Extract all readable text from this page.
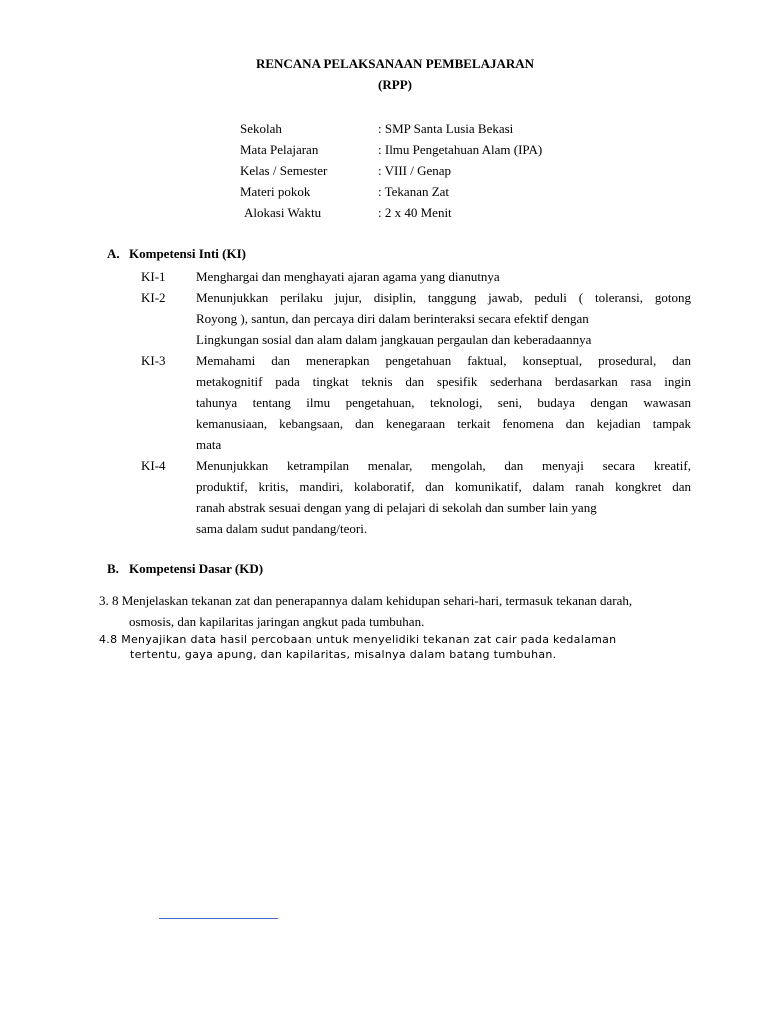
RENCANA PELAKSANAAN PEMBELAJARAN
(RPP)
Sekolah	: SMP Santa Lusia Bekasi
Mata Pelajaran	: Ilmu Pengetahuan Alam (IPA)
Kelas / Semester	: VIII / Genap
Materi pokok	: Tekanan Zat
Alokasi Waktu	: 2 x 40 Menit
A. Kompetensi Inti (KI)
KI-1 Menghargai dan menghayati ajaran agama yang dianutnya
KI-2 Menunjukkan perilaku jujur, disiplin, tanggung jawab, peduli ( toleransi, gotong
Royong ), santun, dan percaya diri dalam berinteraksi secara efektif dengan
Lingkungan sosial dan alam dalam jangkauan pergaulan dan keberadaannya
KI-3 Memahami dan menerapkan pengetahuan faktual, konseptual, prosedural, dan
metakognitif pada tingkat teknis dan spesifik sederhana berdasarkan rasa ingin
tahunya tentang ilmu pengetahuan, teknologi, seni, budaya dengan wawasan
kemanusiaan, kebangsaan, dan kenegaraan terkait fenomena dan kejadian tampak
mata
KI-4 Menunjukkan ketrampilan menalar, mengolah, dan menyaji secara kreatif,
produktif, kritis, mandiri, kolaboratif, dan komunikatif, dalam ranah kongkret dan
ranah abstrak sesuai dengan yang di pelajari di sekolah dan sumber lain yang
sama dalam sudut pandang/teori.
B. Kompetensi Dasar (KD)
3. 8 Menjelaskan tekanan zat dan penerapannya dalam kehidupan sehari-hari, termasuk tekanan darah,
osmosis, dan kapilaritas jaringan angkut pada tumbuhan.
4.8 Menyajikan data hasil percobaan untuk menyelidiki tekanan zat cair pada kedalaman
tertentu, gaya apung, dan kapilaritas, misalnya dalam batang tumbuhan.
